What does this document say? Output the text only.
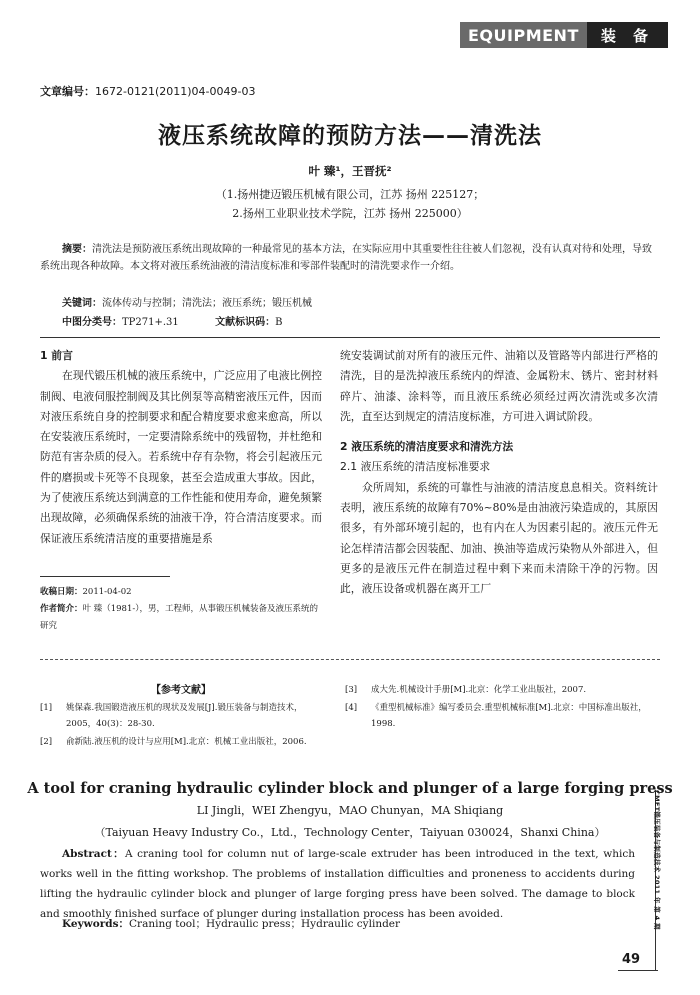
EQUIPMENT	装 备
文章编号：1672-0121(2011)04-0049-03
液压系统故障的预防方法——清洗法
叶 臻¹，王晋抚²
（1.扬州捷迈锻压机械有限公司，江苏 扬州 225127；
2.扬州工业职业技术学院，江苏 扬州 225000）
摘要：清洗法是预防液压系统出现故障的一种最常见的基本方法，在实际应用中其重要性往往被人们忽视，没有认真对待和处理，导致系统出现各种故障。本文将对液压系统油液的清洁度标准和零部件装配时的清洗要求作一介绍。
关键词：流体传动与控制；清洗法；液压系统；锻压机械
中图分类号：TP271+.31	文献标识码：B
1 前言

在现代锻压机械的液压系统中，广泛应用了电液比例控制阀、电液伺服控制阀及其比例泵等高精密液压元件，因而对液压系统自身的控制要求和配合精度要求愈来愈高，所以在安装液压系统时，一定要清除系统中的残留物，并杜绝和防范有害杂质的侵入。若系统中存有杂物，将会引起液压元件的磨损或卡死等不良现象，甚至会造成重大事故。因此，为了使液压系统达到满意的工作性能和使用寿命，避免频繁出现故障，必须确保系统的油液干净，符合清洁度要求。而保证液压系统清洁度的重要措施是系

统安装调试前对所有的液压元件、油箱以及管路等内部进行严格的清洗，目的是洗掉液压系统内的焊渣、金属粉末、锈片、密封材料碎片、油漆、涂料等，而且液压系统必须经过两次清洗或多次清洗，直至达到规定的清洁度标准，方可进入调试阶段。

2 液压系统的清洁度要求和清洗方法
2.1 液压系统的清洁度标准要求

众所周知，系统的可靠性与油液的清洁度息息相关。资料统计表明，液压系统的故障有70%~80%是由油液污染造成的，其原因很多，有外部环境引起的，也有内在人为因素引起的。液压元件无论怎样清洁都会因装配、加油、换油等造成污染物从外部进入，但更多的是液压元件在制造过程中剩下来而未清除干净的污物。因此，液压设备或机器在离开工厂

收稿日期：2011-04-02
作者简介：叶 臻（1981-），男，工程师，从事锻压机械装备及液压系统的研究
【参考文献】
[1]	姚保森.我国锻造液压机的现状及发展[J].锻压装备与制造技术，2005，40(3)：28-30.
[2]	俞新陆.液压机的设计与应用[M].北京：机械工业出版社，2006.
[3]	成大先.机械设计手册[M].北京：化学工业出版社，2007.
[4]	《重型机械标准》编写委员会.重型机械标准[M].北京：中国标准出版社，1998.
A tool for craning hydraulic cylinder block and plunger of a large forging press
LI Jingli，WEI Zhengyu，MAO Chunyan，MA Shiqiang
（Taiyuan Heavy Industry Co.，Ltd.，Technology Center，Taiyuan 030024，Shanxi China）
Abstract：A craning tool for column nut of large-scale extruder has been introduced in the text, which works well in the fitting workshop. The problems of installation difficulties and proneness to accidents during lifting the hydraulic cylinder block and plunger of large forging press have been solved. The damage to block and smoothly finished surface of plunger during installation process has been avoided.
Keywords：Craning tool；Hydraulic press；Hydraulic cylinder	CMET锻压装备与制造技术 2011 年 第 4 期
49
